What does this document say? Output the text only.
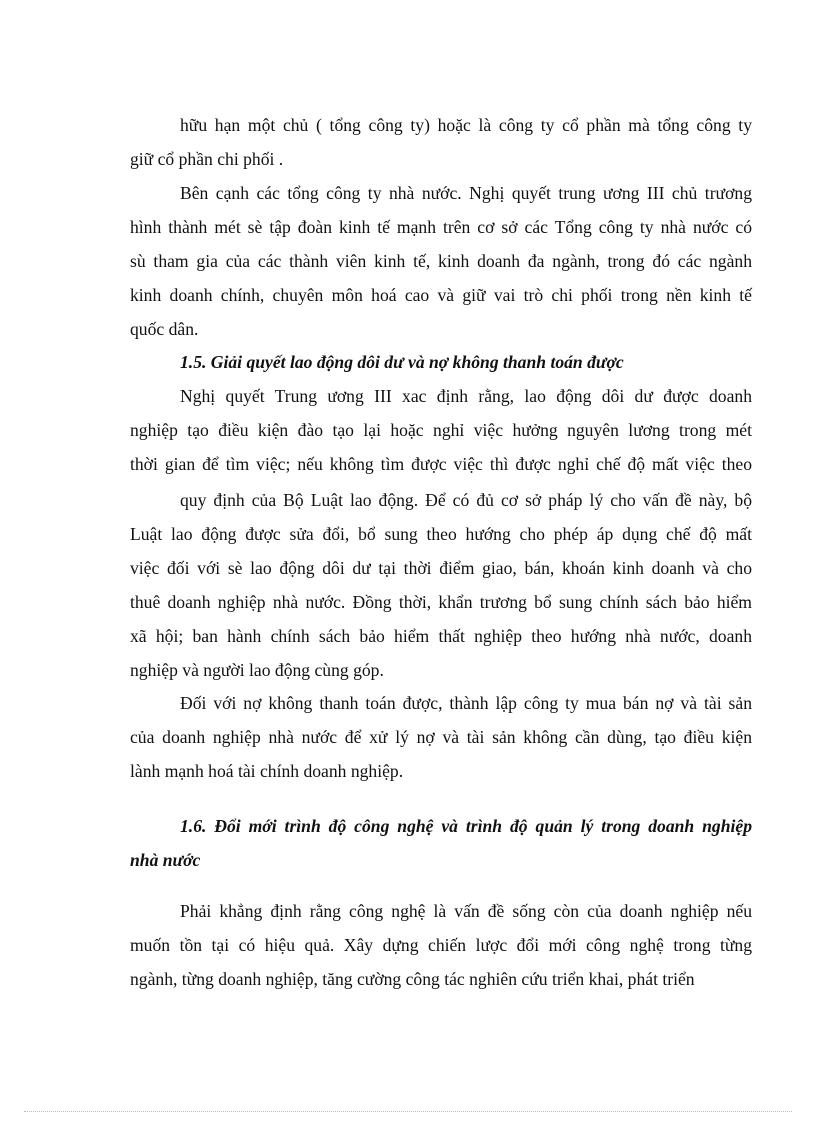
hữu hạn một chủ ( tổng công ty) hoặc là công ty cổ phần mà tổng công ty

giữ cổ phần chi phối .

Bên cạnh các tổng công ty nhà nước. Nghị quyết trung ương III chủ trương

hình thành mét sè tập đoàn kinh tế mạnh trên cơ sở các Tổng công ty nhà nước có

sù tham gia của các thành viên kinh tế, kinh doanh đa ngành, trong đó các ngành

kinh doanh chính, chuyên môn hoá cao và giữ vai trò chi phối trong nền kinh tế

quốc dân.

1.5. Giải quyết lao động dôi dư và nợ không thanh toán được

Nghị quyết Trung ương III xac định rằng, lao động dôi dư được doanh

nghiệp tạo điều kiện đào tạo lại hoặc nghỉ việc hưởng nguyên lương trong mét

thời gian để tìm việc; nếu không tìm được việc thì được nghỉ chế độ mất việc theo

quy định của Bộ Luật lao động. Để có đủ cơ sở pháp lý cho vấn đề này, bộ

Luật lao động được sửa đổi, bổ sung theo hướng cho phép áp dụng chế độ mất

việc đối với sè lao động dôi dư tại thời điểm giao, bán, khoán kinh doanh và cho

thuê doanh nghiệp nhà nước. Đồng thời, khẩn trương bổ sung chính sách bảo hiểm

xã hội; ban hành chính sách bảo hiểm thất nghiệp theo hướng nhà nước, doanh

nghiệp và người lao động cùng góp.

Đối với nợ không thanh toán được, thành lập công ty mua bán nợ và tài sản

của doanh nghiệp nhà nước để xử lý nợ và tài sản không cần dùng, tạo điều kiện

lành mạnh hoá tài chính doanh nghiệp.

1.6. Đổi mới trình độ công nghệ và trình độ quản lý trong doanh nghiệp

nhà nước

Phải khẳng định rằng công nghệ là vấn đề sống còn của doanh nghiệp nếu

muốn tồn tại có hiệu quả. Xây dựng chiến lược đổi mới công nghệ trong từng

ngành, từng doanh nghiệp, tăng cường công tác nghiên cứu triển khai, phát triển
